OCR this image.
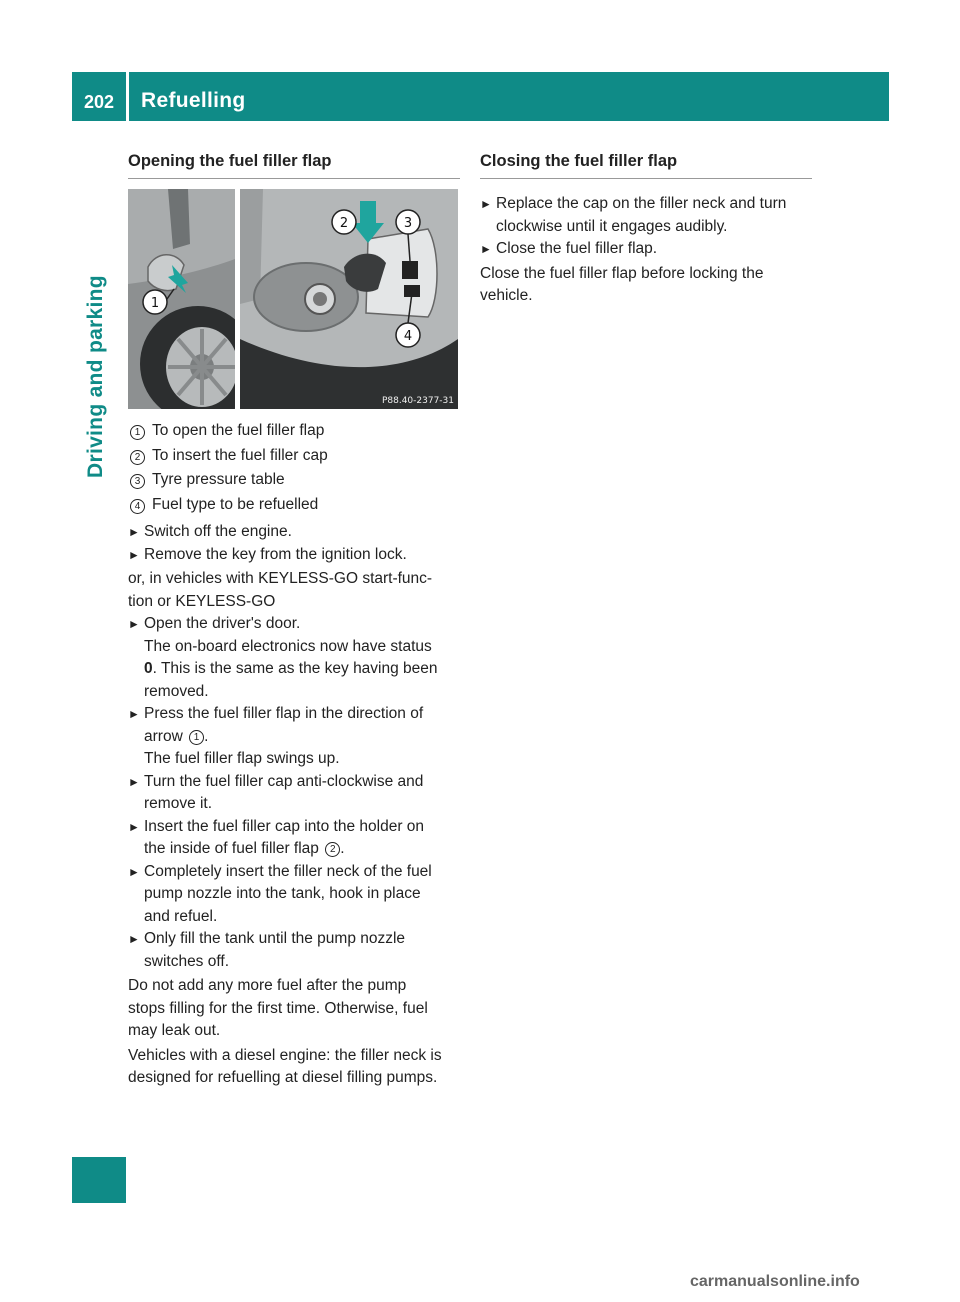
202	Refuelling
Driving and parking
Opening the fuel filler flap
1
2	3
4
P88.40-2377-31
1 To open the fuel filler flap
2 To insert the fuel filler cap
3 Tyre pressure table
4 Fuel type to be refuelled
► Switch off the engine.
► Remove the key from the ignition lock.

or, in vehicles with KEYLESS-GO start-func-
tion or KEYLESS-GO

► Open the driver's door.
The on-board electronics now have status
0. This is the same as the key having been
removed.
► Press the fuel filler flap in the direction of
arrow 1 .
The fuel filler flap swings up.
► Turn the fuel filler cap anti-clockwise and
remove it.
► Insert the fuel filler cap into the holder on
the inside of fuel filler flap 2 .
► Completely insert the filler neck of the fuel
pump nozzle into the tank, hook in place
and refuel.
► Only fill the tank until the pump nozzle
switches off.

Do not add any more fuel after the pump
stops filling for the first time. Otherwise, fuel
may leak out.

Vehicles with a diesel engine: the filler neck is
designed for refuelling at diesel filling pumps.

Closing the fuel filler flap
► Replace the cap on the filler neck and turn
clockwise until it engages audibly.
► Close the fuel filler flap.

Close the fuel filler flap before locking the
vehicle.

carmanualsonline.info
